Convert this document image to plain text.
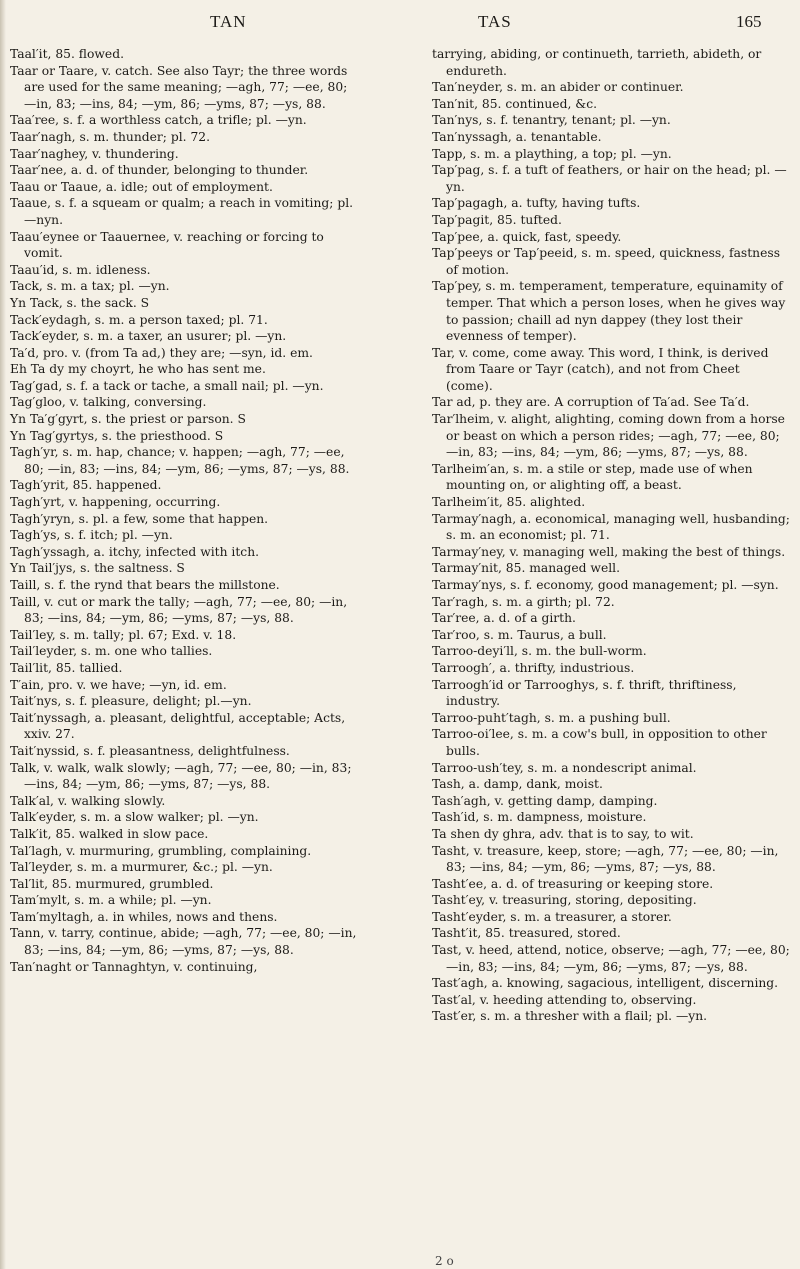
TAN	TAS	165

Taal′it, 85. flowed.

Taar or Taare, v. catch. See also Tayr; the three words are used for the same meaning; —agh, 77; —ee, 80; —in, 83; —ins, 84; —ym, 86; —yms, 87; —ys, 88.

Taa′ree, s. f. a worthless catch, a trifle; pl. —yn.

Taar′nagh, s. m. thunder; pl. 72.

Taar′naghey, v. thundering.

Taar′nee, a. d. of thunder, belonging to thunder.

Taau or Taaue, a. idle; out of employment.

Taaue, s. f. a squeam or qualm; a reach in vomiting; pl. —nyn.

Taau′eynee or Taauernee, v. reaching or forcing to vomit.

Taau′id, s. m. idleness.

Tack, s. m. a tax; pl. —yn.

Yn Tack, s. the sack. S

Tack′eydagh, s. m. a person taxed; pl. 71.

Tack′eyder, s. m. a taxer, an usurer; pl. —yn.

Ta′d, pro. v. (from Ta ad,) they are; —syn, id. em.

Eh Ta dy my choyrt, he who has sent me.

Tag′gad, s. f. a tack or tache, a small nail; pl. —yn.

Tag′gloo, v. talking, conversing.

Yn Ta′g′gyrt, s. the priest or parson. S

Yn Tag′gyrtys, s. the priesthood. S

Tagh′yr, s. m. hap, chance; v. happen; —agh, 77; —ee, 80; —in, 83; —ins, 84; —ym, 86; —yms, 87; —ys, 88.

Tagh′yrit, 85. happened.

Tagh′yrt, v. happening, occurring.

Tagh′yryn, s. pl. a few, some that happen.

Tagh′ys, s. f. itch; pl. —yn.

Tagh′yssagh, a. itchy, infected with itch.

Yn Tail′jys, s. the saltness. S

Taill, s. f. the rynd that bears the millstone.

Taill, v. cut or mark the tally; —agh, 77; —ee, 80; —in, 83; —ins, 84; —ym, 86; —yms, 87; —ys, 88.

Tail′ley, s. m. tally; pl. 67; Exd. v. 18.

Tail′leyder, s. m. one who tallies.

Tail′lit, 85. tallied.

T′ain, pro. v. we have; —yn, id. em.

Tait′nys, s. f. pleasure, delight; pl.—yn.

Tait′nyssagh, a. pleasant, delightful, acceptable; Acts, xxiv. 27.

Tait′nyssid, s. f. pleasantness, delightfulness.

Talk, v. walk, walk slowly; —agh, 77; —ee, 80; —in, 83; —ins, 84; —ym, 86; —yms, 87; —ys, 88.

Talk′al, v. walking slowly.

Talk′eyder, s. m. a slow walker; pl. —yn.

Talk′it, 85. walked in slow pace.

Tal′lagh, v. murmuring, grumbling, complaining.

Tal′leyder, s. m. a murmurer, &c.; pl. —yn.

Tal′lit, 85. murmured, grumbled.

Tam′mylt, s. m. a while; pl. —yn.

Tam′myltagh, a. in whiles, nows and thens.

Tann, v. tarry, continue, abide; —agh, 77; —ee, 80; —in, 83; —ins, 84; —ym, 86; —yms, 87; —ys, 88.

Tan′naght or Tannaghtyn, v. continuing,

tarrying, abiding, or continueth, tarrieth, abideth, or endureth.

Tan′neyder, s. m. an abider or continuer.

Tan′nit, 85. continued, &c.

Tan′nys, s. f. tenantry, tenant; pl. —yn.

Tan′nyssagh, a. tenantable.

Tapp, s. m. a plaything, a top; pl. —yn.

Tap′pag, s. f. a tuft of feathers, or hair on the head; pl. —yn.

Tap′pagagh, a. tufty, having tufts.

Tap′pagit, 85. tufted.

Tap′pee, a. quick, fast, speedy.

Tap′peeys or Tap′peeid, s. m. speed, quickness, fastness of motion.

Tap′pey, s. m. temperament, temperature, equinamity of temper. That which a person loses, when he gives way to passion; chaill ad nyn dappey (they lost their evenness of temper).

Tar, v. come, come away. This word, I think, is derived from Taare or Tayr (catch), and not from Cheet (come).

Tar ad, p. they are. A corruption of Ta′ad. See Ta′d.

Tar′lheim, v. alight, alighting, coming down from a horse or beast on which a person rides; —agh, 77; —ee, 80; —in, 83; —ins, 84; —ym, 86; —yms, 87; —ys, 88.

Tarlheim′an, s. m. a stile or step, made use of when mounting on, or alighting off, a beast.

Tarlheim′it, 85. alighted.

Tarmay′nagh, a. economical, managing well, husbanding; s. m. an economist; pl. 71.

Tarmay′ney, v. managing well, making the best of things.

Tarmay′nit, 85. managed well.

Tarmay′nys, s. f. economy, good management; pl. —syn.

Tar′ragh, s. m. a girth; pl. 72.

Tar′ree, a. d. of a girth.

Tar′roo, s. m. Taurus, a bull.

Tarroo-deyi′ll, s. m. the bull-worm.

Tarroogh′, a. thrifty, industrious.

Tarroogh′id or Tarrooghys, s. f. thrift, thriftiness, industry.

Tarroo-puht′tagh, s. m. a pushing bull.

Tarroo-oi′lee, s. m. a cow's bull, in opposition to other bulls.

Tarroo-ush′tey, s. m. a nondescript animal.

Tash, a. damp, dank, moist.

Tash′agh, v. getting damp, damping.

Tash′id, s. m. dampness, moisture.

Ta shen dy ghra, adv. that is to say, to wit.

Tasht, v. treasure, keep, store; —agh, 77; —ee, 80; —in, 83; —ins, 84; —ym, 86; —yms, 87; —ys, 88.

Tasht′ee, a. d. of treasuring or keeping store.

Tasht′ey, v. treasuring, storing, depositing.

Tasht′eyder, s. m. a treasurer, a storer.

Tasht′it, 85. treasured, stored.

Tast, v. heed, attend, notice, observe; —agh, 77; —ee, 80; —in, 83; —ins, 84; —ym, 86; —yms, 87; —ys, 88.

Tast′agh, a. knowing, sagacious, intelligent, discerning.

Tast′al, v. heeding attending to, observing.

Tast′er, s. m. a thresher with a flail; pl. —yn.

2 o
